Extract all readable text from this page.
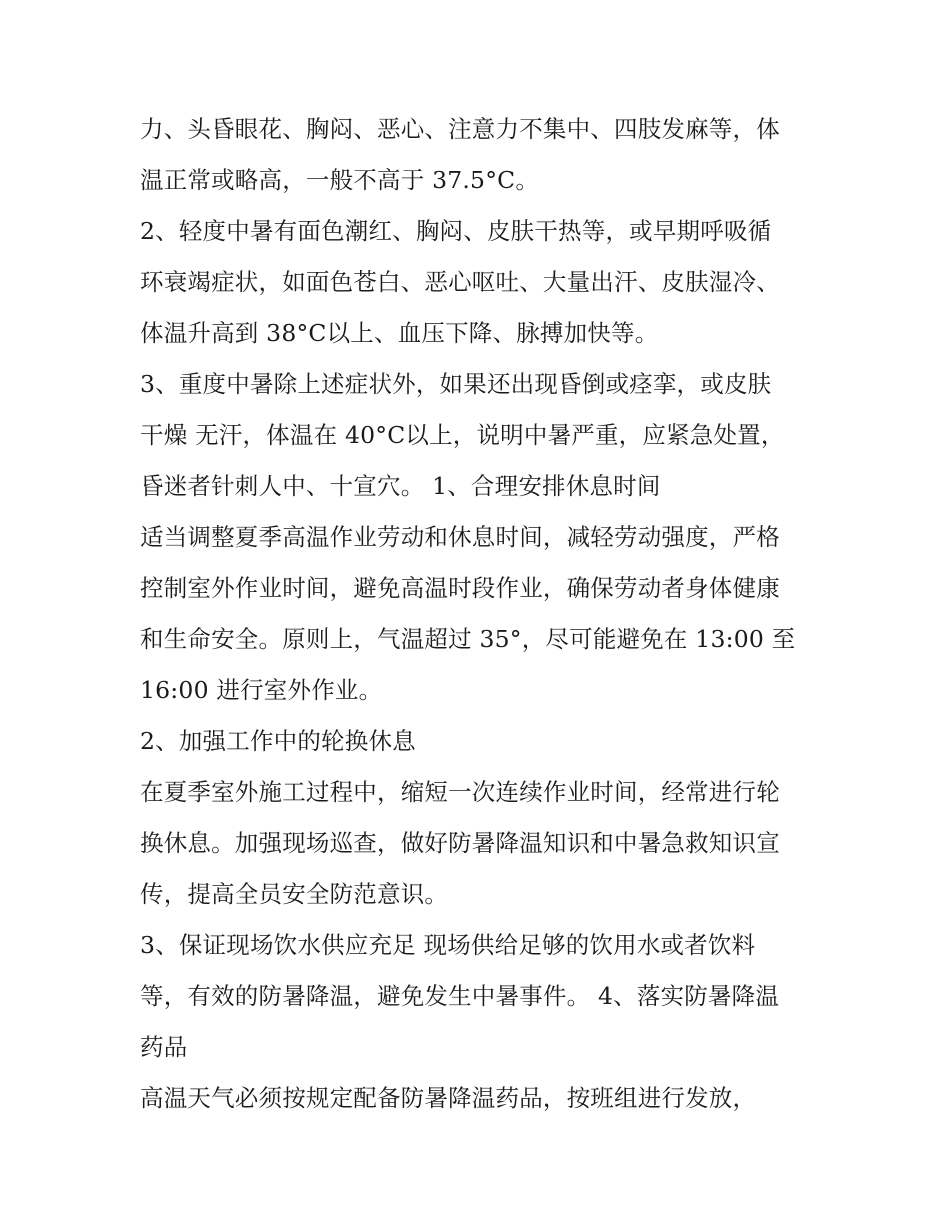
力、头昏眼花、胸闷、恶心、注意力不集中、四肢发麻等，体
温正常或略高，一般不高于 37.5°C。
2、轻度中暑有面色潮红、胸闷、皮肤干热等，或早期呼吸循
环衰竭症状，如面色苍白、恶心呕吐、大量出汗、皮肤湿冷、
体温升高到 38°C以上、血压下降、脉搏加快等。
3、重度中暑除上述症状外，如果还出现昏倒或痉挛，或皮肤
干燥 无汗，体温在 40°C以上，说明中暑严重，应紧急处置，
昏迷者针刺人中、十宣穴。 1、合理安排休息时间
适当调整夏季高温作业劳动和休息时间，减轻劳动强度，严格
控制室外作业时间，避免高温时段作业，确保劳动者身体健康
和生命安全。原则上，气温超过 35°，尽可能避免在 13:00 至
16:00 进行室外作业。
2、加强工作中的轮换休息
在夏季室外施工过程中，缩短一次连续作业时间，经常进行轮
换休息。加强现场巡查，做好防暑降温知识和中暑急救知识宣
传，提高全员安全防范意识。
3、保证现场饮水供应充足 现场供给足够的饮用水或者饮料
等，有效的防暑降温，避免发生中暑事件。 4、落实防暑降温
药品
高温天气必须按规定配备防暑降温药品，按班组进行发放，
